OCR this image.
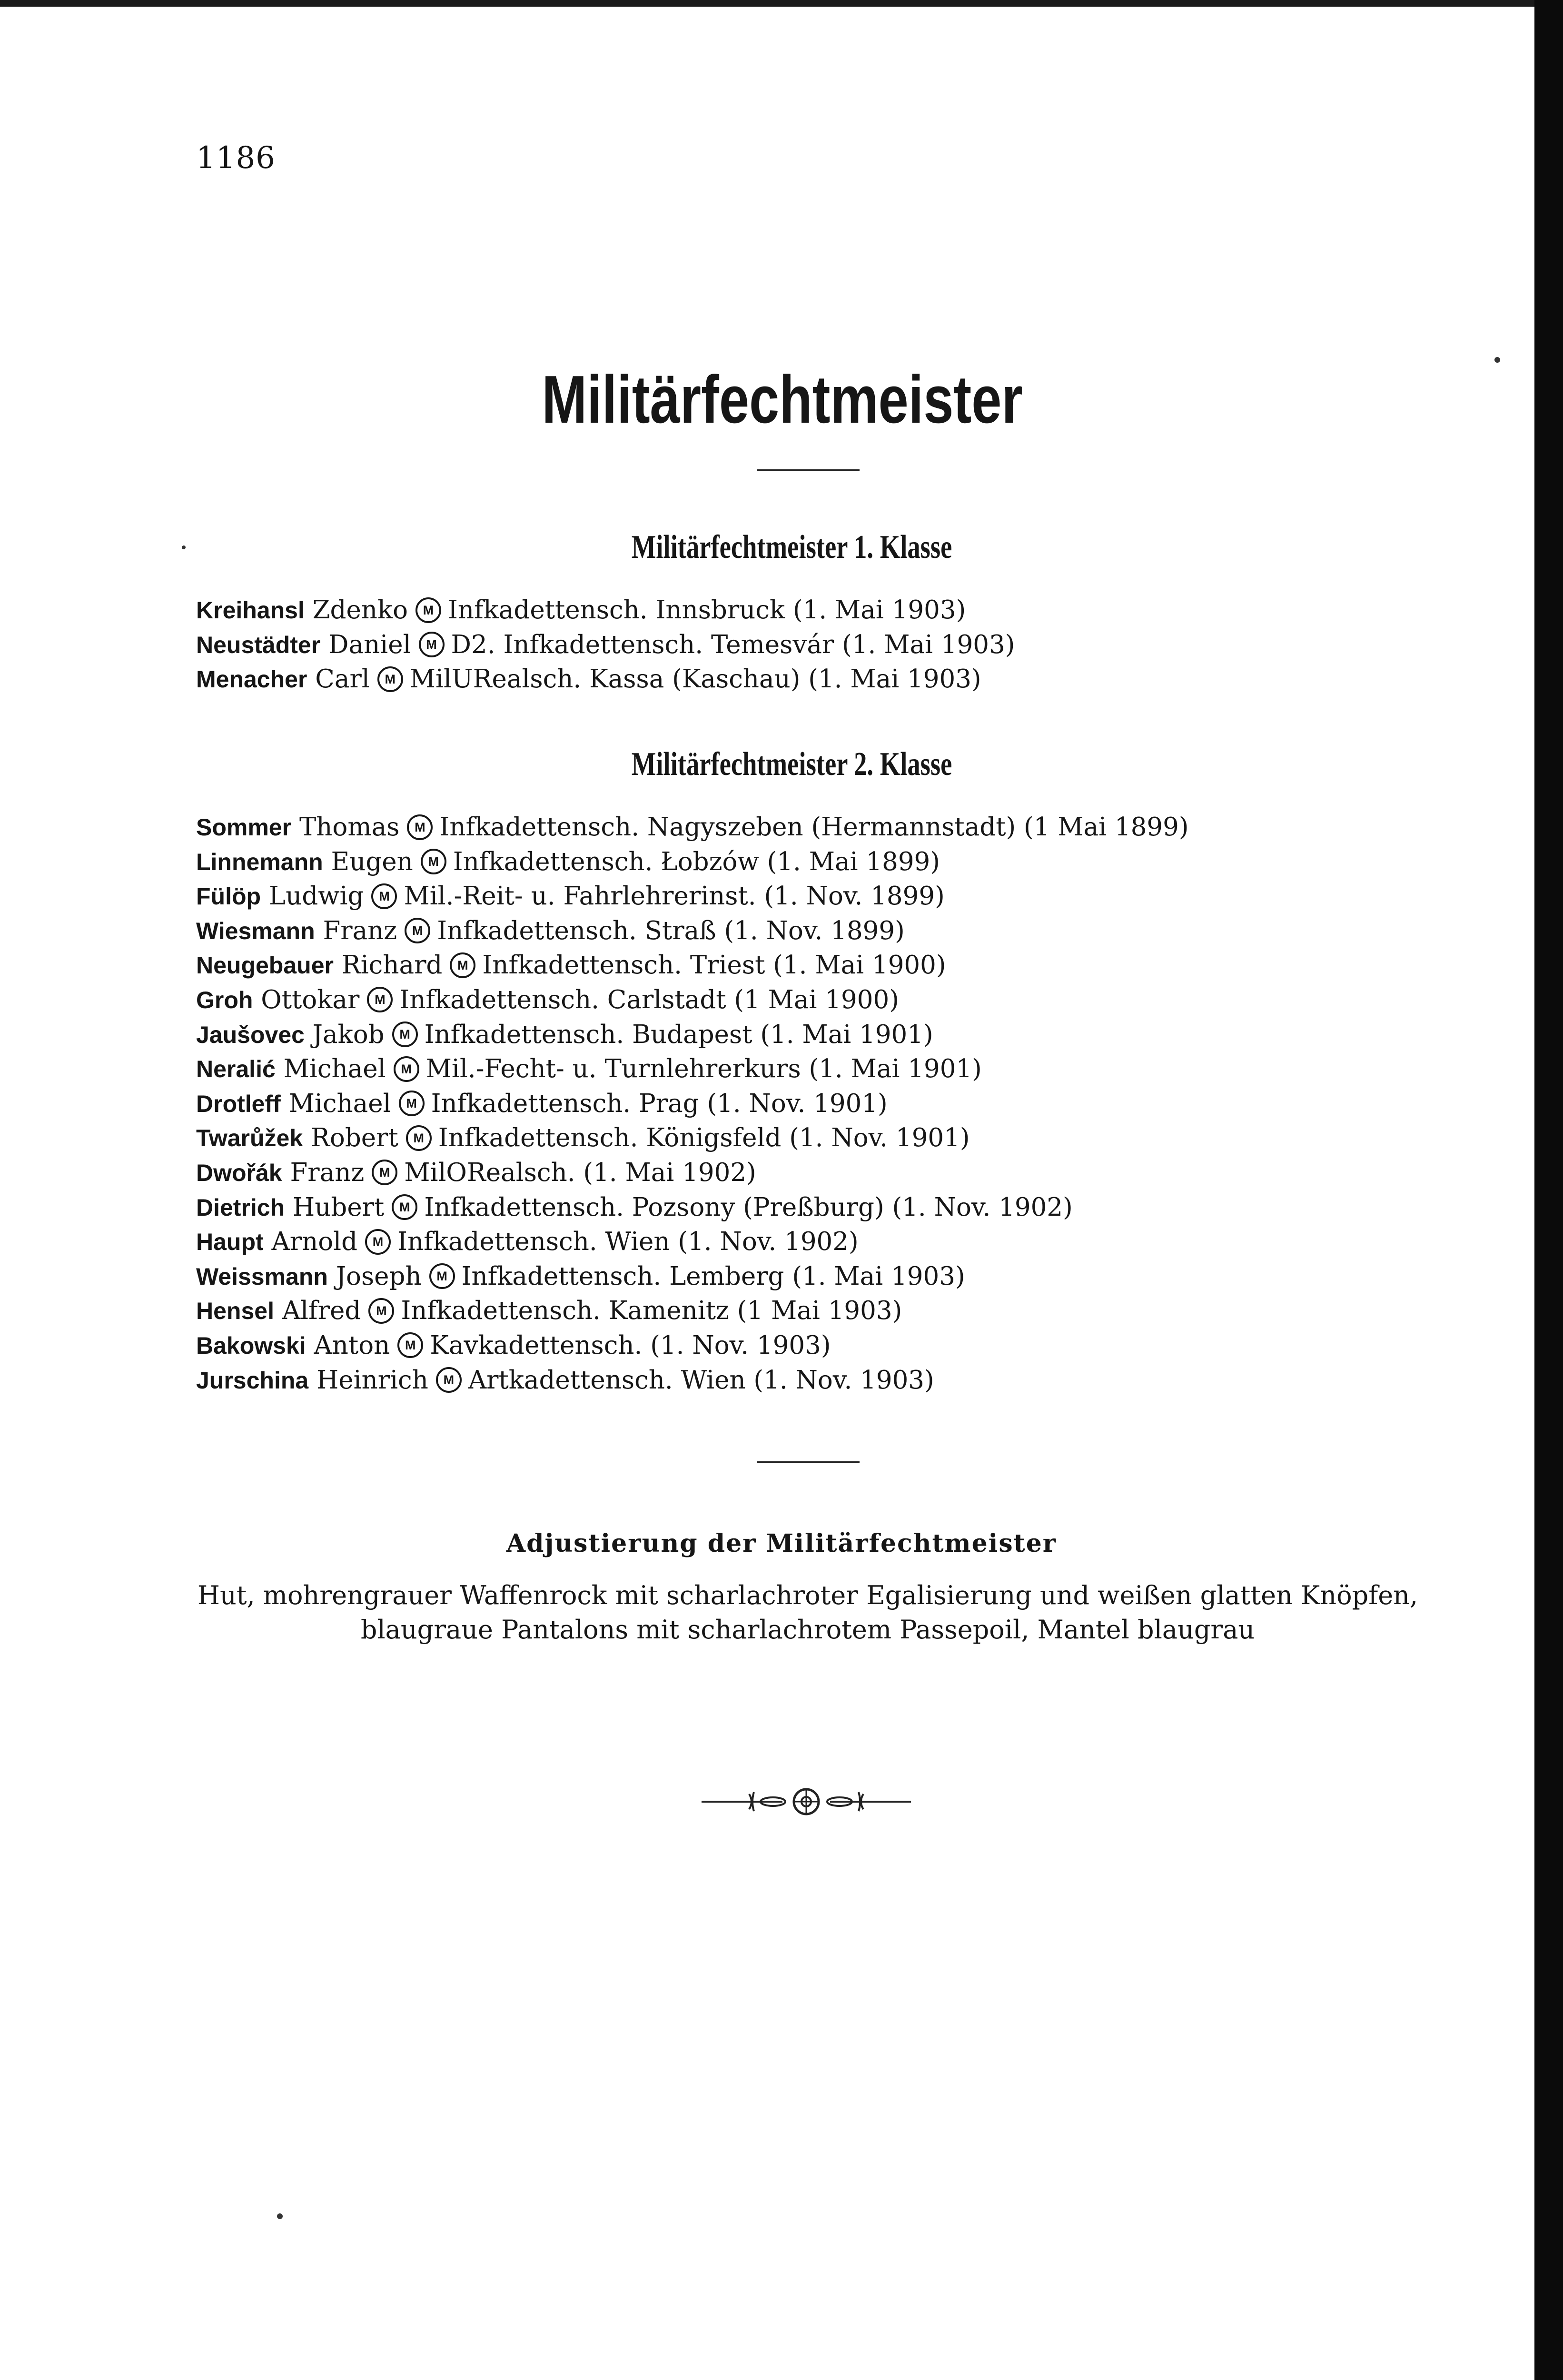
1186
Militärfechtmeister
Militärfechtmeister 1. Klasse
Kreihansl Zdenko M Infkadettensch. Innsbruck (1. Mai 1903)
Neustädter Daniel M D2. Infkadettensch. Temesvár (1. Mai 1903)
Menacher Carl M MilURealsch. Kassa (Kaschau) (1. Mai 1903)
Militärfechtmeister 2. Klasse
Sommer Thomas M Infkadettensch. Nagyszeben (Hermannstadt) (1 Mai 1899)
Linnemann Eugen M Infkadettensch. Łobzów (1. Mai 1899)
Fülöp Ludwig M Mil.-Reit- u. Fahrlehrerinst. (1. Nov. 1899)
Wiesmann Franz M Infkadettensch. Straß (1. Nov. 1899)
Neugebauer Richard M Infkadettensch. Triest (1. Mai 1900)
Groh Ottokar M Infkadettensch. Carlstadt (1 Mai 1900)
Jaušovec Jakob M Infkadettensch. Budapest (1. Mai 1901)
Neralić Michael M Mil.-Fecht- u. Turnlehrerkurs (1. Mai 1901)
Drotleff Michael M Infkadettensch. Prag (1. Nov. 1901)
Twarůžek Robert M Infkadettensch. Königsfeld (1. Nov. 1901)
Dwořák Franz M MilORealsch. (1. Mai 1902)
Dietrich Hubert M Infkadettensch. Pozsony (Preßburg) (1. Nov. 1902)
Haupt Arnold M Infkadettensch. Wien (1. Nov. 1902)
Weissmann Joseph M Infkadettensch. Lemberg (1. Mai 1903)
Hensel Alfred M Infkadettensch. Kamenitz (1 Mai 1903)
Bakowski Anton M Kavkadettensch. (1. Nov. 1903)
Jurschina Heinrich M Artkadettensch. Wien (1. Nov. 1903)
Adjustierung der Militärfechtmeister
Hut, mohrengrauer Waffenrock mit scharlachroter Egalisierung und weißen glatten Knöpfen, blaugraue Pantalons mit scharlachrotem Passepoil, Mantel blaugrau
